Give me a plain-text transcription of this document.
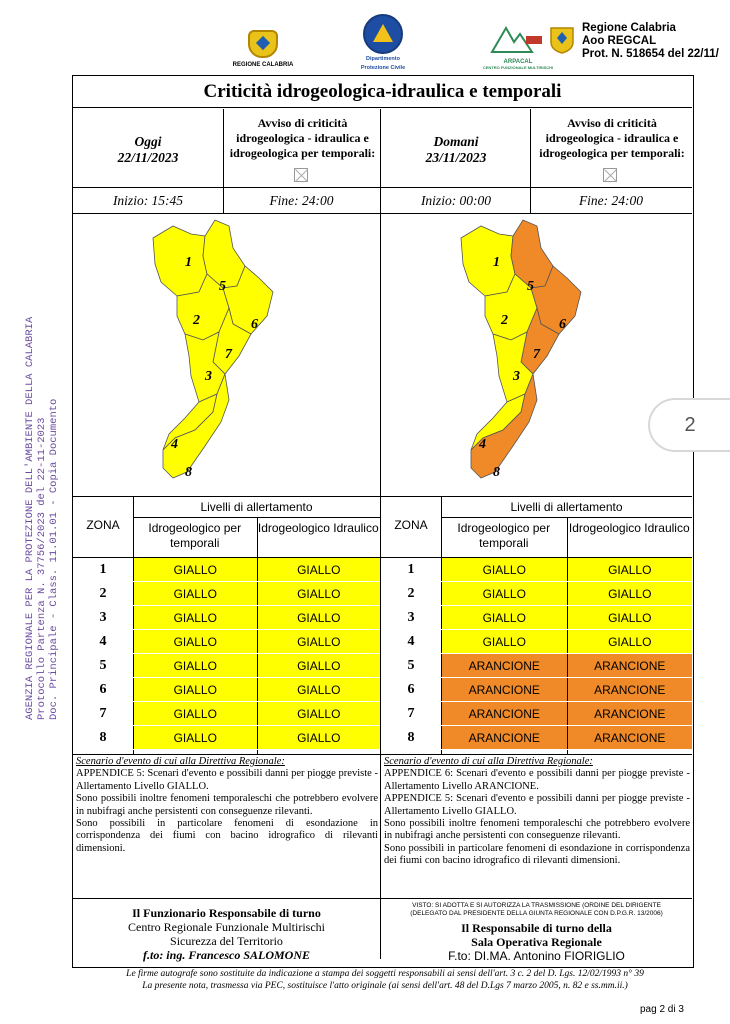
AGENZIA REGIONALE PER LA PROTEZIONE DELL'AMBIENTE DELLA CALABRIA Protocollo Partenza N. 37756/2023 del 22-11-2023 Doc. Principale - Class. 11.01.01 - Copia Documento
REGIONE CALABRIA
Dipartimento
Protezione Civile
ARPACAL
CENTRO FUNZIONALE MULTIRISCHI
Regione Calabria
Aoo REGCAL
Prot. N. 518654 del 22/11/
Criticità idrogeologica-idraulica e temporali
Oggi
22/11/2023
Avviso di criticità idrogeologica - idraulica e idrogeologica per temporali:
Inizio: 15:45	Fine: 24:00
Domani
23/11/2023
Avviso di criticità idrogeologica - idraulica e idrogeologica per temporali:
Inizio: 00:00	Fine: 24:00
1
2
3
4
5
6
7
8
1
2
3
4
5
6
7
8
Scenario d'evento di cui alla Direttiva Regionale:
APPENDICE 5: Scenari d'evento e possibili danni per piogge previste - Allertamento Livello GIALLO.
Sono possibili inoltre fenomeni temporaleschi che potrebbero evolvere in nubifragi anche persistenti con conseguenze rilevanti.
Sono possibili in particolare fenomeni di esondazione in corrispondenza dei fiumi con bacino idrografico di rilevanti dimensioni.
Scenario d'evento di cui alla Direttiva Regionale:
APPENDICE 6: Scenari d'evento e possibili danni per piogge previste - Allertamento Livello ARANCIONE.
APPENDICE 5: Scenari d'evento e possibili danni per piogge previste - Allertamento Livello GIALLO.
Sono possibili inoltre fenomeni temporaleschi che potrebbero evolvere in nubifragi anche persistenti con conseguenze rilevanti.
Sono possibili in particolare fenomeni di esondazione in corrispondenza dei fiumi con bacino idrografico di rilevanti dimensioni.
Il Funzionario Responsabile di turno
Centro Regionale Funzionale Multirischi
Sicurezza del Territorio
f.to: ing. Francesco SALOMONE
VISTO: SI ADOTTA E SI AUTORIZZA LA TRASMISSIONE (ORDINE DEL DIRIGENTE
(DELEGATO DAL PRESIDENTE DELLA GIUNTA REGIONALE CON D.P.G.R. 13/2006)
Il Responsabile di turno della
Sala Operativa Regionale
F.to: DI.MA. Antonino FIORIGLIO
Livelli di allertamento
ZONA	Idrogeologico per temporali
Idrogeologico Idraulico
1	GIALLO	GIALLO
2	GIALLO	GIALLO
3	GIALLO	GIALLO
4	GIALLO	GIALLO
5	GIALLO	GIALLO
6	GIALLO	GIALLO
7	GIALLO	GIALLO
8	GIALLO	GIALLO
Livelli di allertamento
ZONA	Idrogeologico per temporali
Idrogeologico Idraulico
1	GIALLO	GIALLO
2	GIALLO	GIALLO
3	GIALLO	GIALLO
4	GIALLO	GIALLO
5	ARANCIONE	ARANCIONE
6	ARANCIONE	ARANCIONE
7	ARANCIONE	ARANCIONE
8	ARANCIONE	ARANCIONE
Le firme autografe sono sostituite da indicazione a stampa dei soggetti responsabili ai sensi dell'art. 3 c. 2 del D. Lgs. 12/02/1993 n° 39
La presente nota, trasmessa via PEC, sostituisce l'atto originale (ai sensi dell'art. 48 del D.Lgs 7 marzo 2005, n. 82 e ss.mm.ii.)
2
pag 2 di 3
